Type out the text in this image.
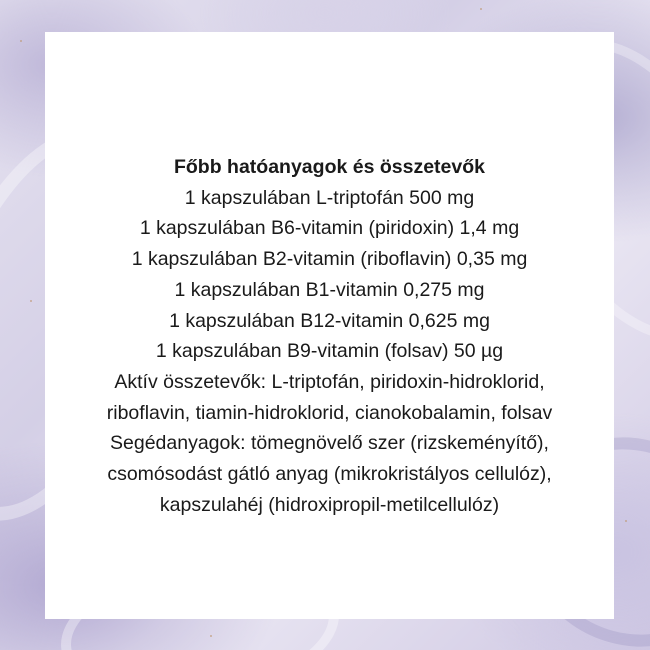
Főbb hatóanyagok és összetevők
1 kapszulában L-triptofán 500 mg
1 kapszulában B6-vitamin (piridoxin) 1,4 mg
1 kapszulában B2-vitamin (riboflavin) 0,35 mg
1 kapszulában B1-vitamin 0,275 mg
1 kapszulában B12-vitamin 0,625 mg
1 kapszulában B9-vitamin (folsav) 50 µg
Aktív összetevők: L-triptofán, piridoxin-hidroklorid,
riboflavin, tiamin-hidroklorid, cianokobalamin, folsav
Segédanyagok: tömegnövelő szer (rizskeményítő),
csomósodást gátló anyag (mikrokristályos cellulóz),
kapszulahéj (hidroxipropil-metilcellulóz)
